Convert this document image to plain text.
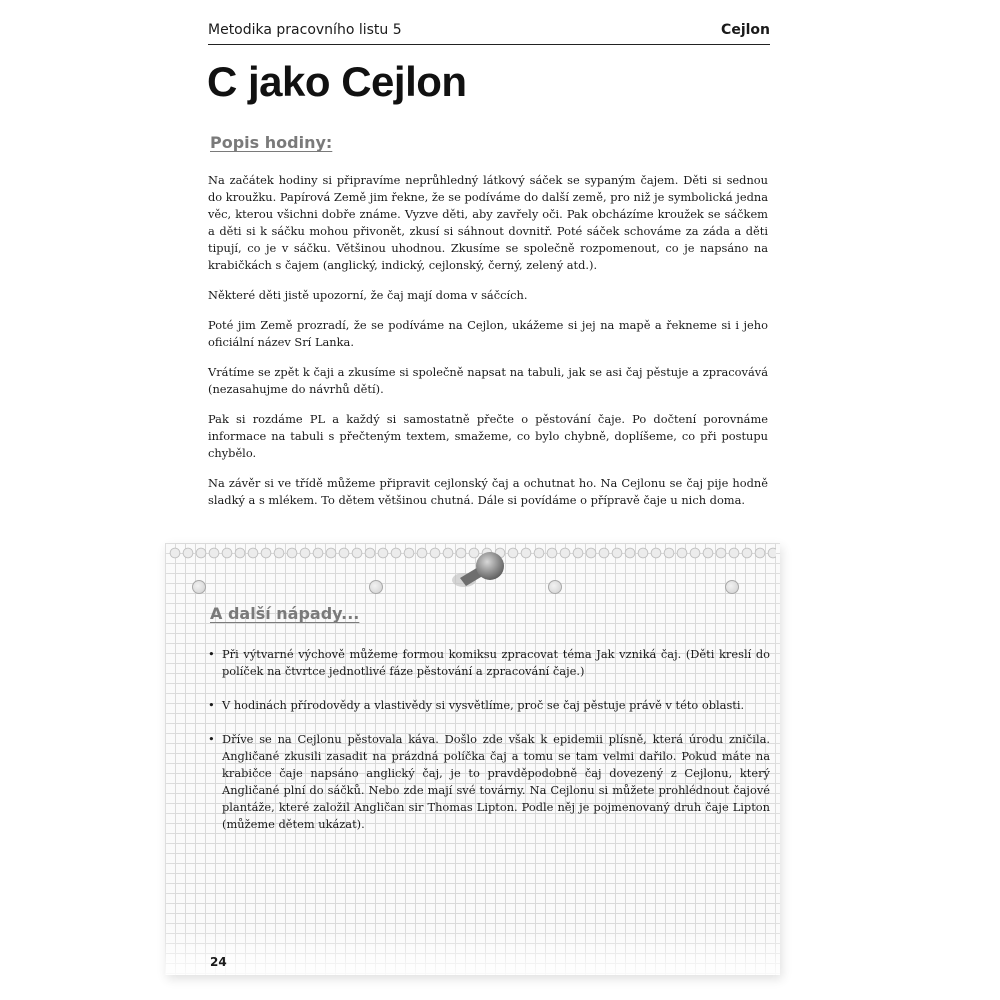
Metodika pracovního listu 5	Cejlon
C jako Cejlon
Popis hodiny:

Na začátek hodiny si připravíme neprůhledný látkový sáček se sypaným čajem. Děti si sednou do kroužku. Papírová Země jim řekne, že se podíváme do další země, pro niž je symbolická jedna věc, kterou všichni dobře známe. Vyzve děti, aby zavřely oči. Pak obcházíme kroužek se sáčkem a děti si k sáčku mohou přivonět, zkusí si sáhnout dovnitř. Poté sáček schováme za záda a děti tipují, co je v sáčku. Většinou uhodnou. Zkusíme se společně rozpomenout, co je napsáno na krabičkách s čajem (anglický, indický, cejlonský, černý, zelený atd.).

Některé děti jistě upozorní, že čaj mají doma v sáčcích.

Poté jim Země prozradí, že se podíváme na Cejlon, ukážeme si jej na mapě a řekneme si i jeho oficiální název Srí Lanka.

Vrátíme se zpět k čaji a zkusíme si společně napsat na tabuli, jak se asi čaj pěstuje a zpracovává (nezasahujme do návrhů dětí).

Pak si rozdáme PL a každý si samostatně přečte o pěstování čaje. Po dočtení porovnáme informace na tabuli s přečteným textem, smažeme, co bylo chybně, doplíšeme, co při postupu chybělo.

Na závěr si ve třídě můžeme připravit cejlonský čaj a ochutnat ho. Na Cejlonu se čaj pije hodně sladký a s mlékem. To dětem většinou chutná. Dále si povídáme o přípravě čaje u nich doma.

A další nápady...
• Při výtvarné výchově můžeme formou komiksu zpracovat téma Jak vzniká čaj. (Děti kreslí do políček na čtvrtce jednotlivé fáze pěstování a zpracování čaje.)
• V hodinách přírodovědy a vlastivědy si vysvětlíme, proč se čaj pěstuje právě v této oblasti.
• Dříve se na Cejlonu pěstovala káva. Došlo zde však k epidemii plísně, která úrodu zničila. Angličané zkusili zasadit na prázdná políčka čaj a tomu se tam velmi dařilo. Pokud máte na krabičce čaje napsáno anglický čaj, je to pravděpodobně čaj dovezený z Cejlonu, který Angličané plní do sáčků. Nebo zde mají své továrny. Na Cejlonu si můžete prohlédnout čajové plantáže, které založil Angličan sir Thomas Lipton. Podle něj je pojmenovaný druh čaje Lipton (můžeme dětem ukázat).
24
